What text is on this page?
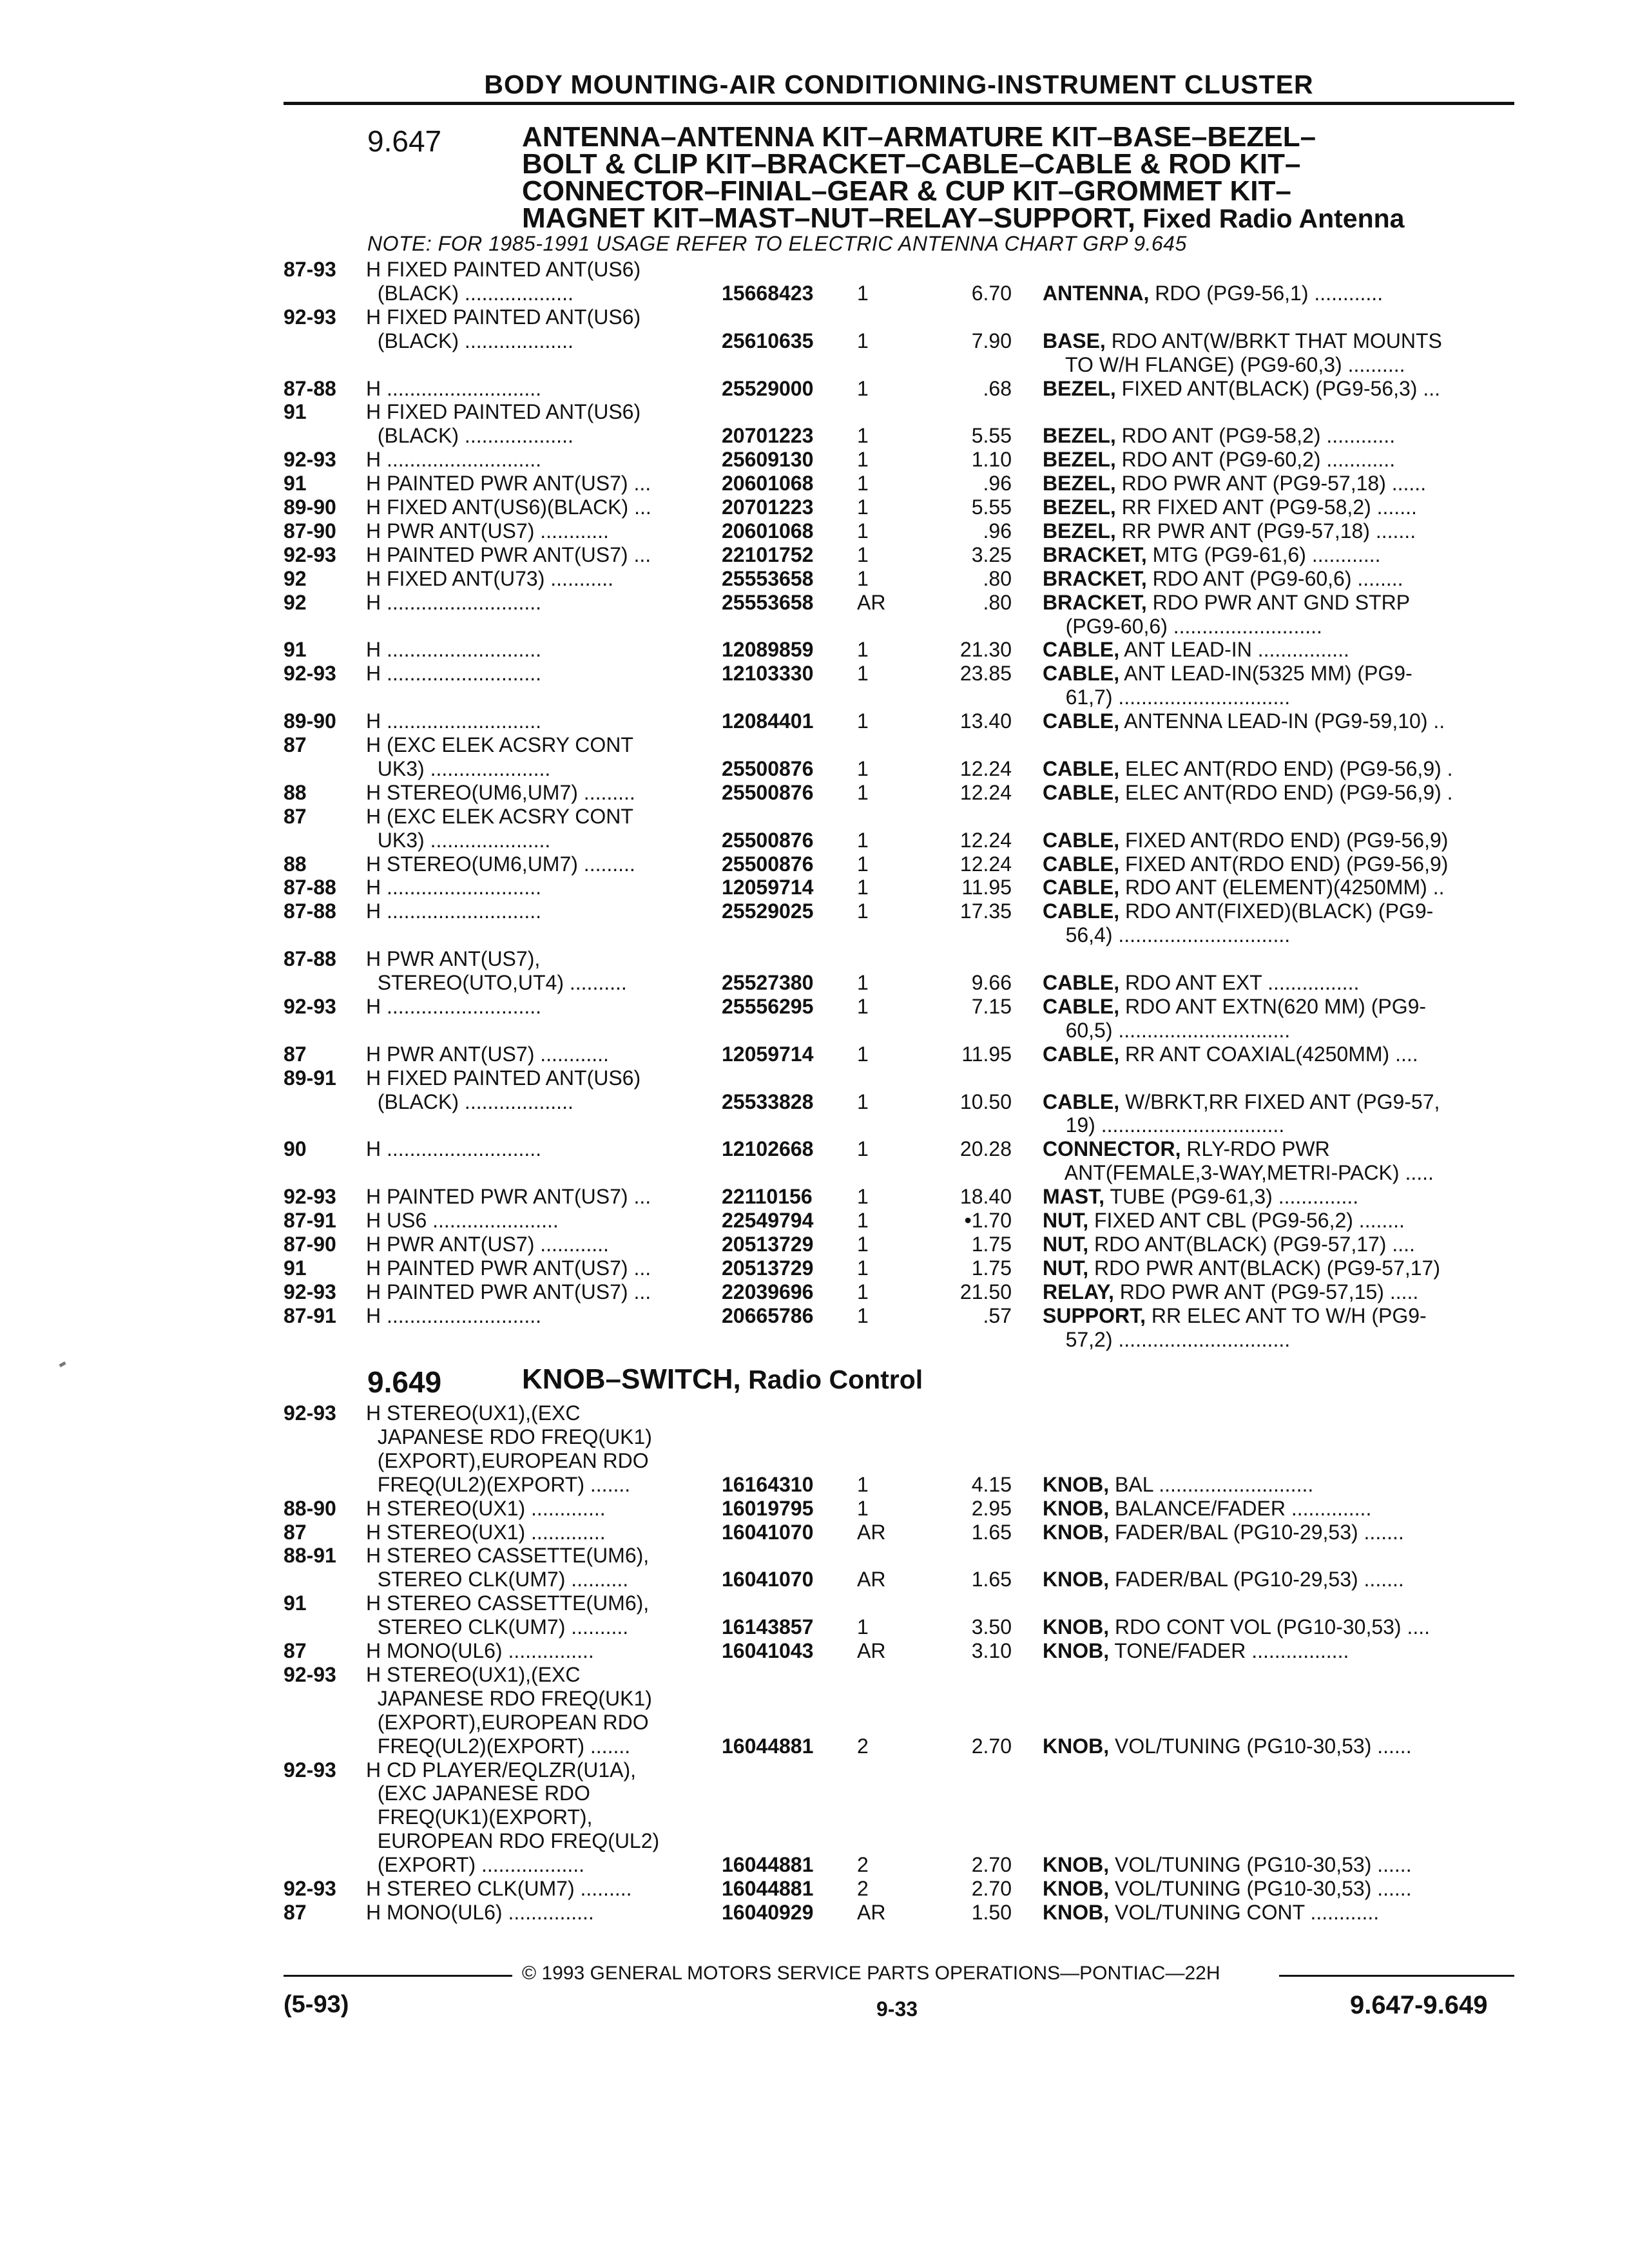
BODY MOUNTING-AIR CONDITIONING-INSTRUMENT CLUSTER
9.647	ANTENNA–ANTENNA KIT–ARMATURE KIT–BASE–BEZEL–
BOLT & CLIP KIT–BRACKET–CABLE–CABLE & ROD KIT–
CONNECTOR–FINIAL–GEAR & CUP KIT–GROMMET KIT–
MAGNET KIT–MAST–NUT–RELAY–SUPPORT, Fixed Radio Antenna
NOTE: FOR 1985-1991 USAGE REFER TO ELECTRIC ANTENNA CHART GRP 9.645
87-93	H FIXED PAINTED ANT(US6)
(BLACK) ...................	15668423	1	6.70 ANTENNA, RDO (PG9-56,1) ............
92-93	H FIXED PAINTED ANT(US6)
(BLACK) ...................	25610635	1	7.90 BASE, RDO ANT(W/BRKT THAT MOUNTS
TO W/H FLANGE) (PG9-60,3) ..........
87-88	H ...........................	25529000	1	.68 BEZEL, FIXED ANT(BLACK) (PG9-56,3) ...
91	H FIXED PAINTED ANT(US6)
(BLACK) ...................	20701223	1	5.55 BEZEL, RDO ANT (PG9-58,2) ............
92-93	H ...........................	25609130	1	1.10 BEZEL, RDO ANT (PG9-60,2) ............
91	H PAINTED PWR ANT(US7) ...	20601068	1	.96 BEZEL, RDO PWR ANT (PG9-57,18) ......
89-90	H FIXED ANT(US6)(BLACK) ...	20701223	1	5.55 BEZEL, RR FIXED ANT (PG9-58,2) .......
87-90	H PWR ANT(US7) ............	20601068	1	.96 BEZEL, RR PWR ANT (PG9-57,18) .......
92-93	H PAINTED PWR ANT(US7) ...	22101752	1	3.25 BRACKET, MTG (PG9-61,6) ............
92	H FIXED ANT(U73) ...........	25553658	1	.80 BRACKET, RDO ANT (PG9-60,6) ........
92	H ...........................	25553658	AR	.80 BRACKET, RDO PWR ANT GND STRP
(PG9-60,6) ..........................
91	H ...........................	12089859	1	21.30 CABLE, ANT LEAD-IN ................
92-93	H ...........................	12103330	1	23.85 CABLE, ANT LEAD-IN(5325 MM) (PG9-
61,7) ..............................
89-90	H ...........................	12084401	1	13.40 CABLE, ANTENNA LEAD-IN (PG9-59,10) ..
87	H (EXC ELEK ACSRY CONT
UK3) .....................	25500876	1	12.24 CABLE, ELEC ANT(RDO END) (PG9-56,9) .
88	H STEREO(UM6,UM7) .........	25500876	1	12.24 CABLE, ELEC ANT(RDO END) (PG9-56,9) .
87	H (EXC ELEK ACSRY CONT
UK3) .....................	25500876	1	12.24 CABLE, FIXED ANT(RDO END) (PG9-56,9)
88	H STEREO(UM6,UM7) .........	25500876	1	12.24 CABLE, FIXED ANT(RDO END) (PG9-56,9)
87-88	H ...........................	12059714	1	11.95 CABLE, RDO ANT (ELEMENT)(4250MM) ..
87-88	H ...........................	25529025	1	17.35 CABLE, RDO ANT(FIXED)(BLACK) (PG9-
56,4) ..............................
87-88	H PWR ANT(US7),
STEREO(UTO,UT4) ..........	25527380	1	9.66 CABLE, RDO ANT EXT ................
92-93	H ...........................	25556295	1	7.15 CABLE, RDO ANT EXTN(620 MM) (PG9-
60,5) ..............................
87	H PWR ANT(US7) ............	12059714	1	11.95 CABLE, RR ANT COAXIAL(4250MM) ....
89-91	H FIXED PAINTED ANT(US6)
(BLACK) ...................	25533828	1	10.50 CABLE, W/BRKT,RR FIXED ANT (PG9-57,
19) ................................
90	H ...........................	12102668	1	20.28 CONNECTOR, RLY-RDO PWR
ANT(FEMALE,3-WAY,METRI-PACK) .....
92-93	H PAINTED PWR ANT(US7) ...	22110156	1	18.40 MAST, TUBE (PG9-61,3) ..............
87-91	H US6 ......................	22549794	1	•1.70 NUT, FIXED ANT CBL (PG9-56,2) ........
87-90	H PWR ANT(US7) ............	20513729	1	1.75 NUT, RDO ANT(BLACK) (PG9-57,17) ....
91	H PAINTED PWR ANT(US7) ...	20513729	1	1.75 NUT, RDO PWR ANT(BLACK) (PG9-57,17)
92-93	H PAINTED PWR ANT(US7) ...	22039696	1	21.50 RELAY, RDO PWR ANT (PG9-57,15) .....
87-91	H ...........................	20665786	1	.57 SUPPORT, RR ELEC ANT TO W/H (PG9-
57,2) ..............................
9.649	KNOB–SWITCH, Radio Control
92-93	H STEREO(UX1),(EXC
JAPANESE RDO FREQ(UK1)
(EXPORT),EUROPEAN RDO
FREQ(UL2)(EXPORT) .......	16164310	1	4.15 KNOB, BAL ...........................
88-90	H STEREO(UX1) .............	16019795	1	2.95 KNOB, BALANCE/FADER ..............
87	H STEREO(UX1) .............	16041070	AR	1.65 KNOB, FADER/BAL (PG10-29,53) .......
88-91	H STEREO CASSETTE(UM6),
STEREO CLK(UM7) ..........	16041070	AR	1.65 KNOB, FADER/BAL (PG10-29,53) .......
91	H STEREO CASSETTE(UM6),
STEREO CLK(UM7) ..........	16143857	1	3.50 KNOB, RDO CONT VOL (PG10-30,53) ....
87	H MONO(UL6) ...............	16041043	AR	3.10 KNOB, TONE/FADER .................
92-93	H STEREO(UX1),(EXC
JAPANESE RDO FREQ(UK1)
(EXPORT),EUROPEAN RDO
FREQ(UL2)(EXPORT) .......	16044881	2	2.70 KNOB, VOL/TUNING (PG10-30,53) ......
92-93	H CD PLAYER/EQLZR(U1A),
(EXC JAPANESE RDO
FREQ(UK1)(EXPORT),
EUROPEAN RDO FREQ(UL2)
(EXPORT) ..................	16044881	2	2.70 KNOB, VOL/TUNING (PG10-30,53) ......
92-93	H STEREO CLK(UM7) .........	16044881	2	2.70 KNOB, VOL/TUNING (PG10-30,53) ......
87	H MONO(UL6) ...............	16040929	AR	1.50 KNOB, VOL/TUNING CONT ............
© 1993 GENERAL MOTORS SERVICE PARTS OPERATIONS—PONTIAC—22H
(5-93)	9-33	9.647-9.649
